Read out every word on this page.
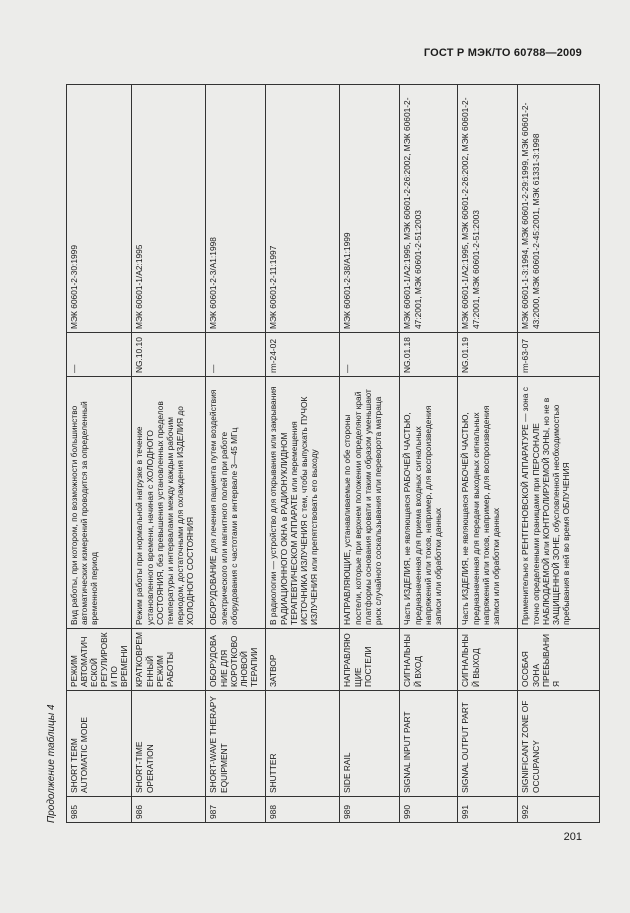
ГОСТ Р МЭК/ТО 60788—2009
Продолжение таблицы 4 985	SHORT TERM AUTOMATIC MODE	РЕЖИМ АВТОМАТИЧЕСКОЙ РЕГУЛИРОВКИ ПО ВРЕМЕНИ	Вид работы, при котором, по возможности большинство автоматических измерений проводится за определенный временной период	—	МЭК 60601-2-30:1999
986	SHORT-TIME OPERATION	КРАТКОВРЕМЕННЫЙ РЕЖИМ РАБОТЫ	Режим работы при нормальной нагрузке в течение установленного времени, начиная с ХОЛОДНОГО СОСТОЯНИЯ, без превышения установленных пределов температуры и интервалами между каждым рабочим периодом, достаточными для охлаждения ИЗДЕЛИЯ до ХОЛОДНОГО СОСТОЯНИЯ	NG.10.10	МЭК 60601-1/A2:1995
987	SHORT-WAVE THERAPY EQUIPMENT	ОБОРУДОВАНИЕ ДЛЯ КОРОТКОВОЛНОВОЙ ТЕРАПИИ	ОБОРУДОВАНИЕ для лечения пациента путем воздействия электрического или магнитного полей при работе оборудования с частотами в интервале 3—45 МГц	—	МЭК 60601-2-3/A1:1998
988	SHUTTER	ЗАТВОР	В радиологии — устройство для открывания или закрывания РАДИАЦИОННОГО ОКНА в РАДИОНУКЛИДНОМ ТЕРАПЕВТИЧЕСКОМ АППАРАТЕ или перемещения ИСТОЧНИКА ИЗЛУЧЕНИЯ с тем, чтобы выпускать ПУЧОК ИЗЛУЧЕНИЯ или препятствовать его выходу	rm-24-02	МЭК 60601-2-11:1997
989	SIDE RAIL	НАПРАВЛЯЮЩИЕ ПОСТЕЛИ	НАПРАВЛЯЮЩИЕ, устанавливаемые по обе стороны постели, которые при верхнем положении определяют край платформы основания кровати и таким образом уменьшают риск случайного соскальзывания или переворота матраца	—	МЭК 60601-2-38/A1:1999
990	SIGNAL INPUT PART	СИГНАЛЬНЫЙ ВХОД	Часть ИЗДЕЛИЯ, не являющаяся РАБОЧЕЙ ЧАСТЬЮ, предназначенная для приема входных сигнальных напряжений или токов, например, для воспроизведения записи или обработки данных	NG.01.18	МЭК 60601-1/A2:1995, МЭК 60601-2-26:2002, МЭК 60601-2-47:2001, МЭК 60601-2-51:2003
991	SIGNAL OUTPUT PART	СИГНАЛЬНЫЙ ВЫХОД	Часть ИЗДЕЛИЯ, не являющаяся РАБОЧЕЙ ЧАСТЬЮ, предназначенная для передачи выходных сигнальных напряжений или токов, например, для воспроизведения записи или обработки данных	NG.01.19	МЭК 60601-1/A2:1995, МЭК 60601-2-26:2002, МЭК 60601-2-47:2001, МЭК 60601-2-51:2003
992	SIGNIFICANT ZONE OF OCCUPANCY	ОСОБАЯ ЗОНА ПРЕБЫВАНИЯ	Применительно к РЕНТГЕНОВСКОЙ АППАРАТУРЕ — зона с точно определенными границами при ПЕРСОНАЛЕ НАБЛЮДАЕМОЙ или КОНТРОЛИРУЕМОЙ ЗОНЫ, но не в ЗАЩИЩЕННОЙ ЗОНЕ, обусловленной необходимостью пребывания в ней во время ОБЛУЧЕНИЯ	rm-63-07	МЭК 60601-1-3:1994, МЭК 60601-2-29:1999, МЭК 60601-2-43:2000, МЭК 60601-2-45:2001, МЭК 61331-3:1998
201
